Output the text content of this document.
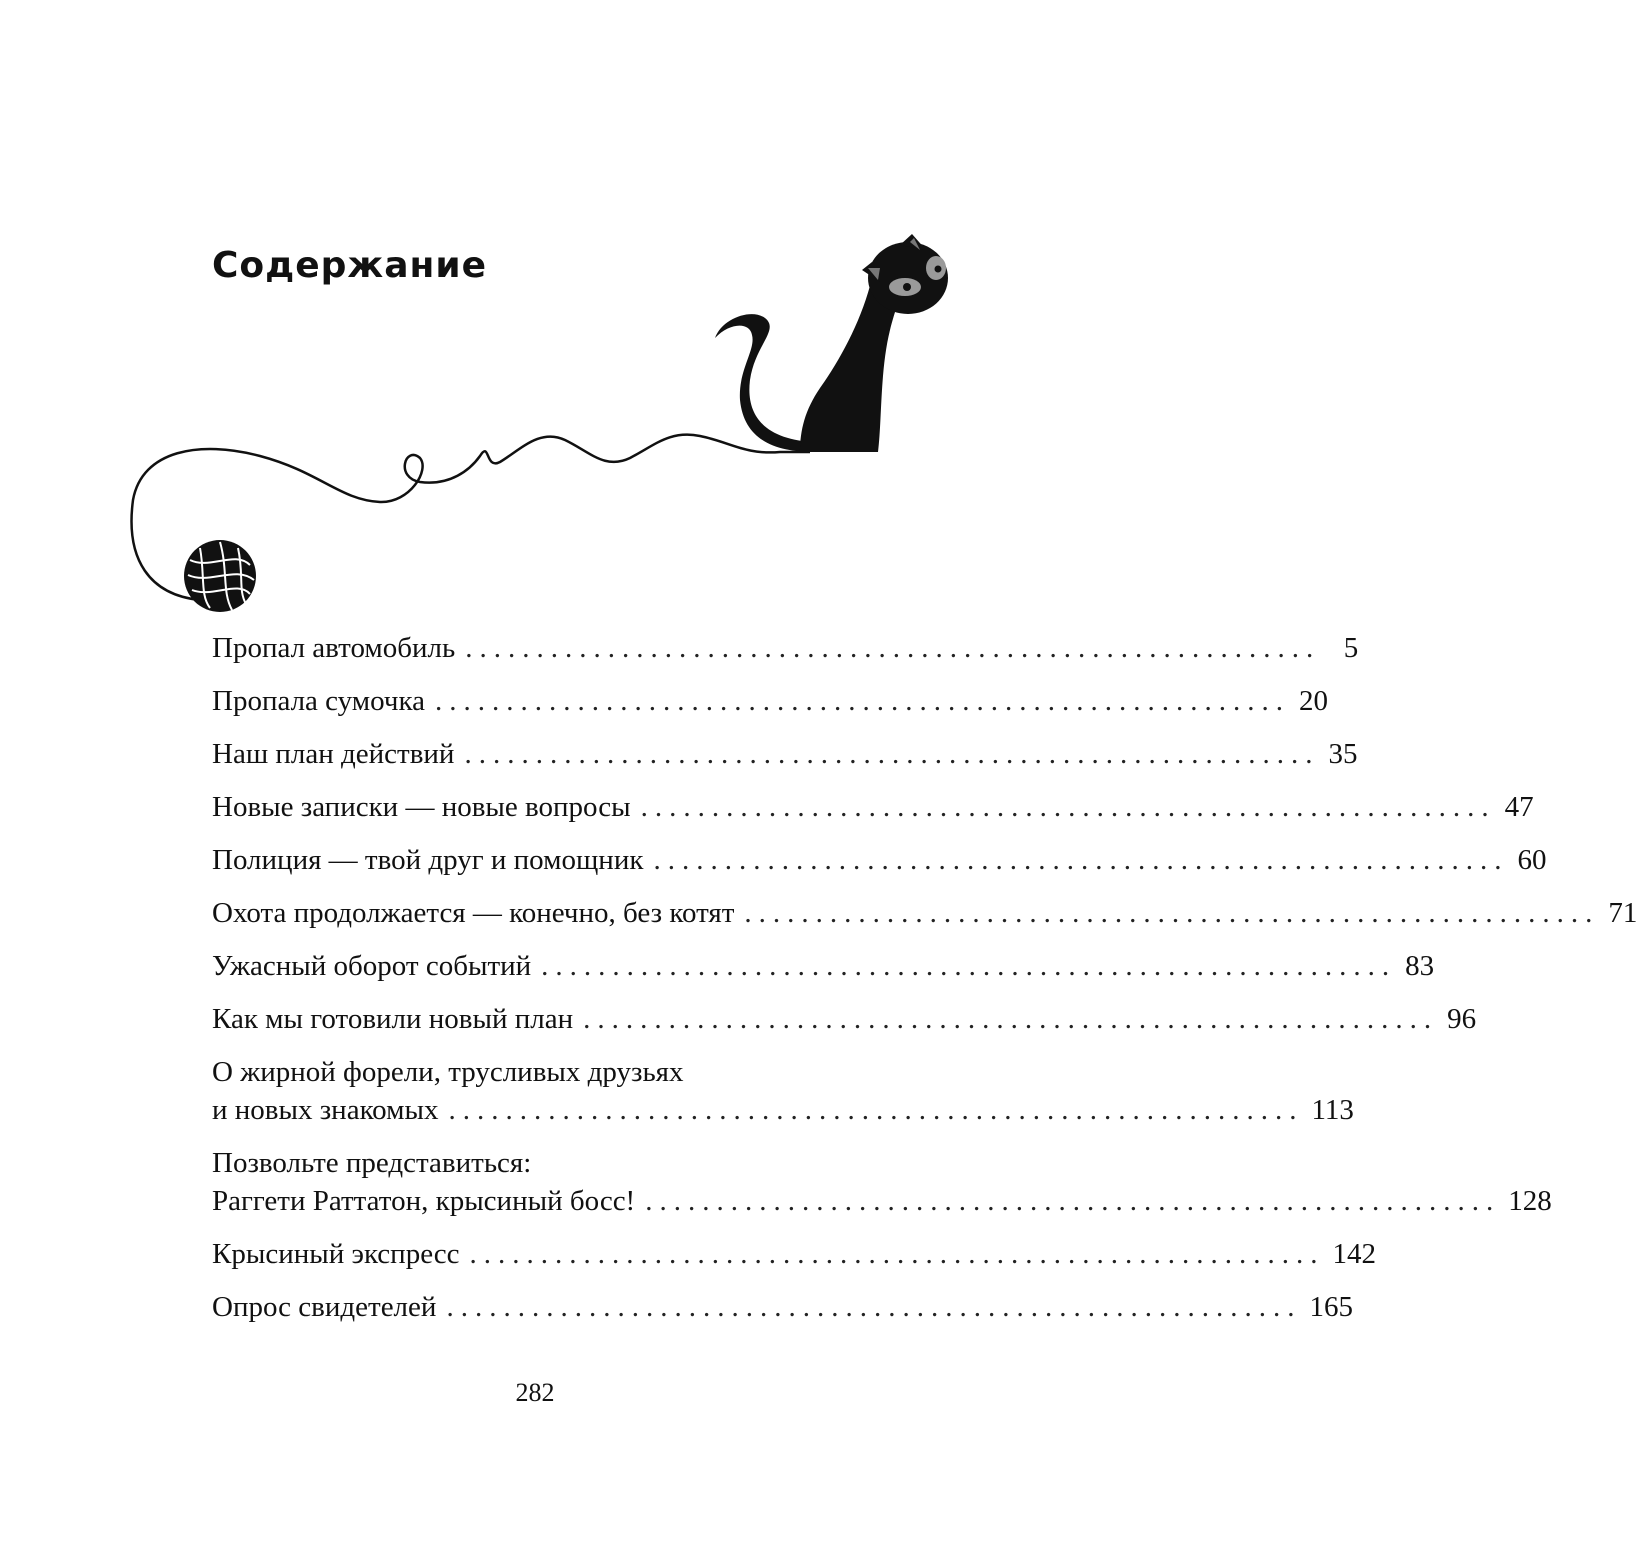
Содержание
Пропал автомобиль ............................................................ 5
Пропала сумочка ............................................................ 20
Наш план действий ............................................................ 35
Новые записки — новые вопросы ............................................................ 47
Полиция — твой друг и помощник ............................................................ 60
Охота продолжается — конечно, без котят ............................................................ 71
Ужасный оборот событий ............................................................ 83
Как мы готовили новый план ............................................................ 96
О жирной форели, трусливых друзьях
и новых знакомых ............................................................ 113
Позвольте представиться:
Раггети Раттатон, крысиный босс! ............................................................ 128
Крысиный экспресс ............................................................ 142
Опрос свидетелей ............................................................ 165
282
